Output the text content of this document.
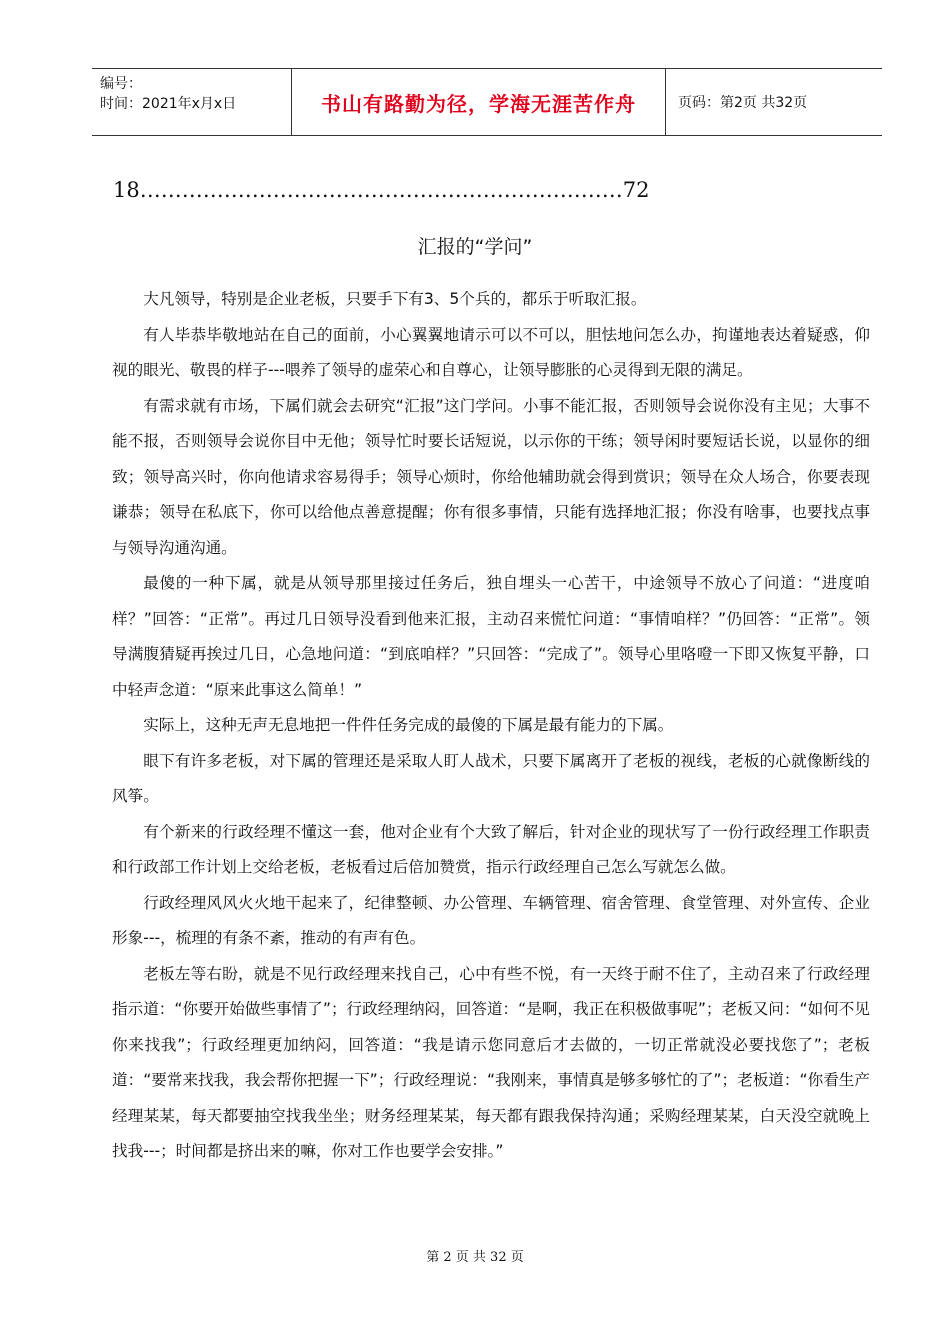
编号：
时间：2021年x月x日	书山有路勤为径，学海无涯苦作舟	页码：第2页 共32页
18……………………………………………………………72
汇报的“学问”

大凡领导，特别是企业老板，只要手下有3、5个兵的，都乐于听取汇报。

有人毕恭毕敬地站在自己的面前，小心翼翼地请示可以不可以，胆怯地问怎么办，拘谨地表达着疑惑，仰视的眼光、敬畏的样子---喂养了领导的虚荣心和自尊心，让领导膨胀的心灵得到无限的满足。

有需求就有市场，下属们就会去研究“汇报”这门学问。小事不能汇报，否则领导会说你没有主见；大事不能不报，否则领导会说你目中无他；领导忙时要长话短说，以示你的干练；领导闲时要短话长说，以显你的细致；领导高兴时，你向他请求容易得手；领导心烦时，你给他辅助就会得到赏识；领导在众人场合，你要表现谦恭；领导在私底下，你可以给他点善意提醒；你有很多事情，只能有选择地汇报；你没有啥事，也要找点事与领导沟通沟通。

最傻的一种下属，就是从领导那里接过任务后，独自埋头一心苦干，中途领导不放心了问道：“进度咱样？”回答：“正常”。再过几日领导没看到他来汇报，主动召来慌忙问道：“事情咱样？”仍回答：“正常”。领导满腹猜疑再挨过几日，心急地问道：“到底咱样？”只回答：“完成了”。领导心里咯噔一下即又恢复平静，口中轻声念道：“原来此事这么简单！”

实际上，这种无声无息地把一件件任务完成的最傻的下属是最有能力的下属。

眼下有许多老板，对下属的管理还是采取人盯人战术，只要下属离开了老板的视线，老板的心就像断线的风筝。

有个新来的行政经理不懂这一套，他对企业有个大致了解后，针对企业的现状写了一份行政经理工作职责和行政部工作计划上交给老板，老板看过后倍加赞赏，指示行政经理自己怎么写就怎么做。

行政经理风风火火地干起来了，纪律整顿、办公管理、车辆管理、宿舍管理、食堂管理、对外宣传、企业形象---，梳理的有条不紊，推动的有声有色。

老板左等右盼，就是不见行政经理来找自己，心中有些不悦，有一天终于耐不住了，主动召来了行政经理指示道：“你要开始做些事情了”；行政经理纳闷，回答道：“是啊，我正在积极做事呢”；老板又问：“如何不见你来找我”；行政经理更加纳闷，回答道：“我是请示您同意后才去做的，一切正常就没必要找您了”；老板道：“要常来找我，我会帮你把握一下”；行政经理说：“我刚来，事情真是够多够忙的了”；老板道：“你看生产经理某某，每天都要抽空找我坐坐；财务经理某某，每天都有跟我保持沟通；采购经理某某，白天没空就晚上找我---；时间都是挤出来的嘛，你对工作也要学会安排。”

第 2 页 共 32 页
